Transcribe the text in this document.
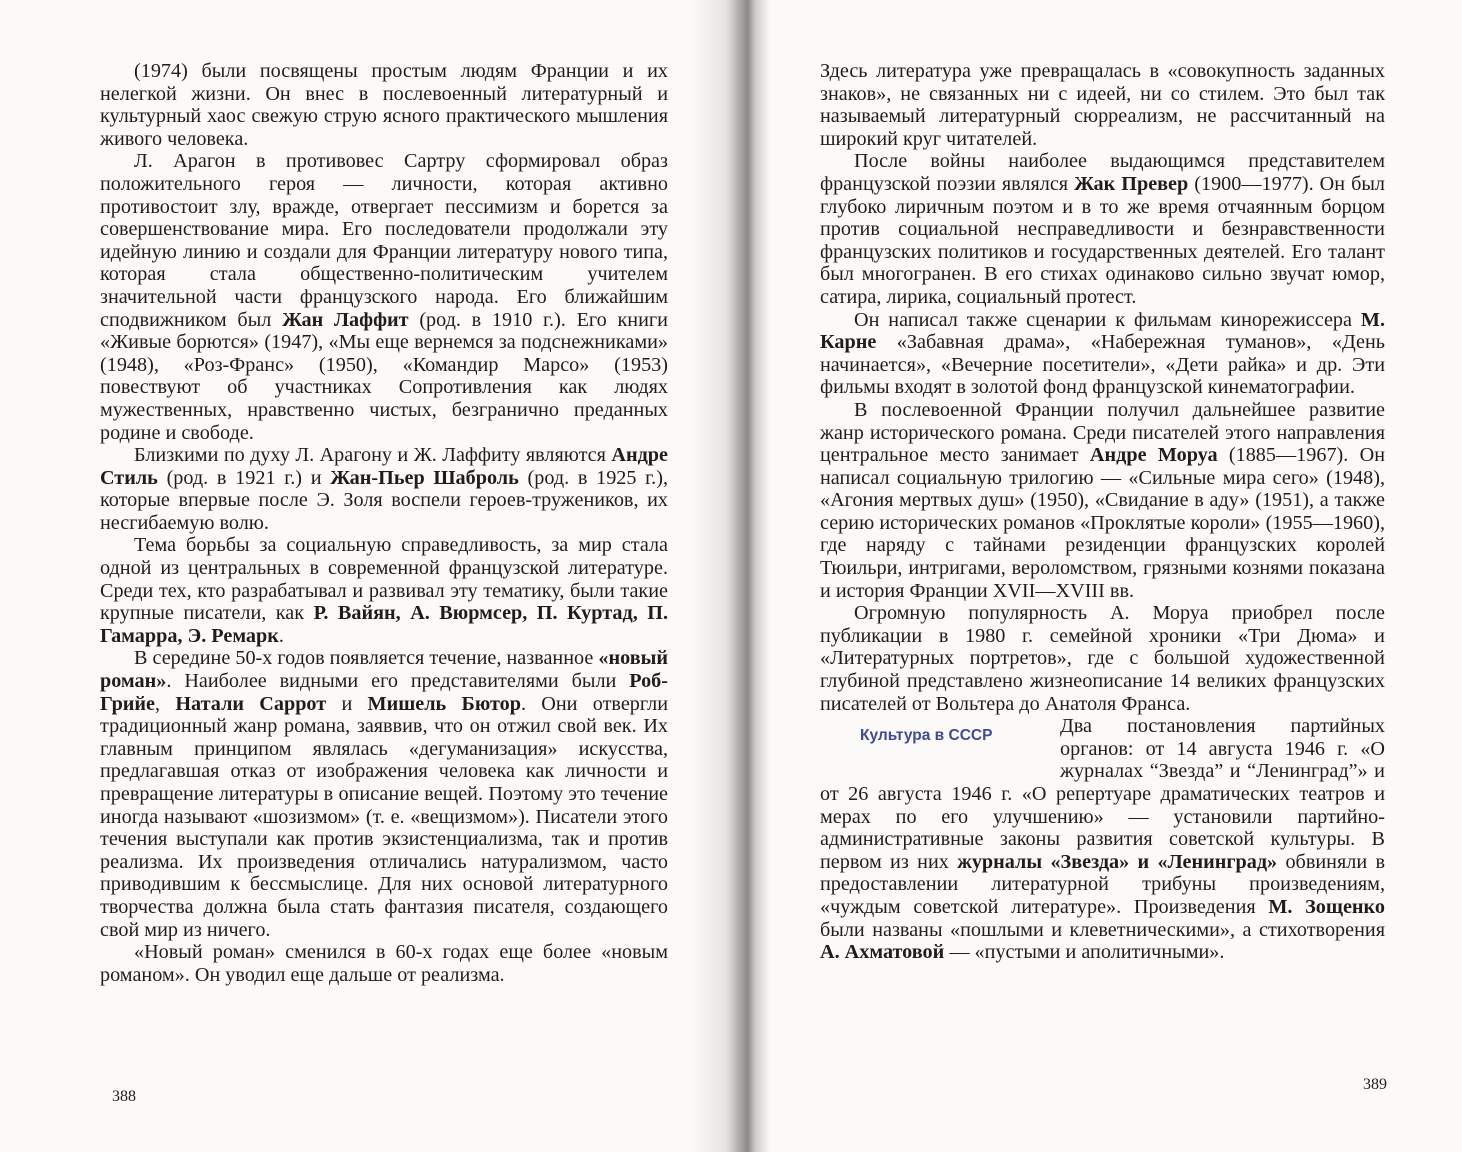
(1974) были посвящены простым людям Франции и их нелегкой жизни. Он внес в послевоенный литературный и культурный хаос свежую струю ясного практического мышления живого человека.

Л. Арагон в противовес Сартру сформировал образ положительного героя — личности, которая активно противостоит злу, вражде, отвергает пессимизм и борется за совершенствование мира. Его последователи продолжали эту идейную линию и создали для Франции литературу нового типа, которая стала общественно-политическим учителем значительной части французского народа. Его ближайшим сподвижником был Жан Лаффит (род. в 1910 г.). Его книги «Живые борются» (1947), «Мы еще вернемся за подснежниками» (1948), «Роз-Франс» (1950), «Командир Марсо» (1953) повествуют об участниках Сопротивления как людях мужественных, нравственно чистых, безгранично преданных родине и свободе.

Близкими по духу Л. Арагону и Ж. Лаффиту являются Андре Стиль (род. в 1921 г.) и Жан-Пьер Шаброль (род. в 1925 г.), которые впервые после Э. Золя воспели героев-тружеников, их несгибаемую волю.

Тема борьбы за социальную справедливость, за мир стала одной из центральных в современной французской литературе. Среди тех, кто разрабатывал и развивал эту тематику, были такие крупные писатели, как Р. Вайян, А. Вюрмсер, П. Куртад, П. Гамарра, Э. Ремарк.

В середине 50-х годов появляется течение, названное «новый роман». Наиболее видными его представителями были Роб-Грийе, Натали Саррот и Мишель Бютор. Они отвергли традиционный жанр романа, заяввив, что он отжил свой век. Их главным принципом являлась «дегуманизация» искусства, предлагавшая отказ от изображения человека как личности и превращение литературы в описание вещей. Поэтому это течение иногда называют «шозизмом» (т. е. «вещизмом»). Писатели этого течения выступали как против экзистенциализма, так и против реализма. Их произведения отличались натурализмом, часто приводившим к бессмыслице. Для них основой литературного творчества должна была стать фантазия писателя, создающего свой мир из ничего.

«Новый роман» сменился в 60-х годах еще более «новым романом». Он уводил еще дальше от реализма.

388

Здесь литература уже превращалась в «совокупность заданных знаков», не связанных ни с идеей, ни со стилем. Это был так называемый литературный сюрреализм, не рассчитанный на широкий круг читателей.

После войны наиболее выдающимся представителем французской поэзии являлся Жак Превер (1900—1977). Он был глубоко лиричным поэтом и в то же время отчаянным борцом против социальной несправедливости и безнравственности французских политиков и государственных деятелей. Его талант был многогранен. В его стихах одинаково сильно звучат юмор, сатира, лирика, социальный протест.

Он написал также сценарии к фильмам кинорежиссера М. Карне «Забавная драма», «Набережная туманов», «День начинается», «Вечерние посетители», «Дети райка» и др. Эти фильмы входят в золотой фонд французской кинематографии.

В послевоенной Франции получил дальнейшее развитие жанр исторического романа. Среди писателей этого направления центральное место занимает Андре Моруа (1885—1967). Он написал социальную трилогию — «Сильные мира сего» (1948), «Агония мертвых душ» (1950), «Свидание в аду» (1951), а также серию исторических романов «Проклятые короли» (1955—1960), где наряду с тайнами резиденции французских королей Тюильри, интригами, вероломством, грязными кознями показана и история Франции XVII—XVIII вв.

Огромную популярность А. Моруа приобрел после публикации в 1980 г. семейной хроники «Три Дюма» и «Литературных портретов», где с большой художественной глубиной представлено жизнеописание 14 великих французских писателей от Вольтера до Анатоля Франса.

Культура в СССР	Два постановления партийных органов: от 14 августа 1946 г. «О журналах “Звезда” и “Ленинград”» и от 26 августа 1946 г. «О репертуаре драматических театров и мерах по его улучшению» — установили партийно-административные законы развития советской культуры. В первом из них журналы «Звезда» и «Ленинград» обвиняли в предоставлении литературной трибуны произведениям, «чуждым советской литературе». Произведения М. Зощенко были названы «пошлыми и клеветническими», а стихотворения А. Ахматовой — «пустыми и аполитичными».

389
